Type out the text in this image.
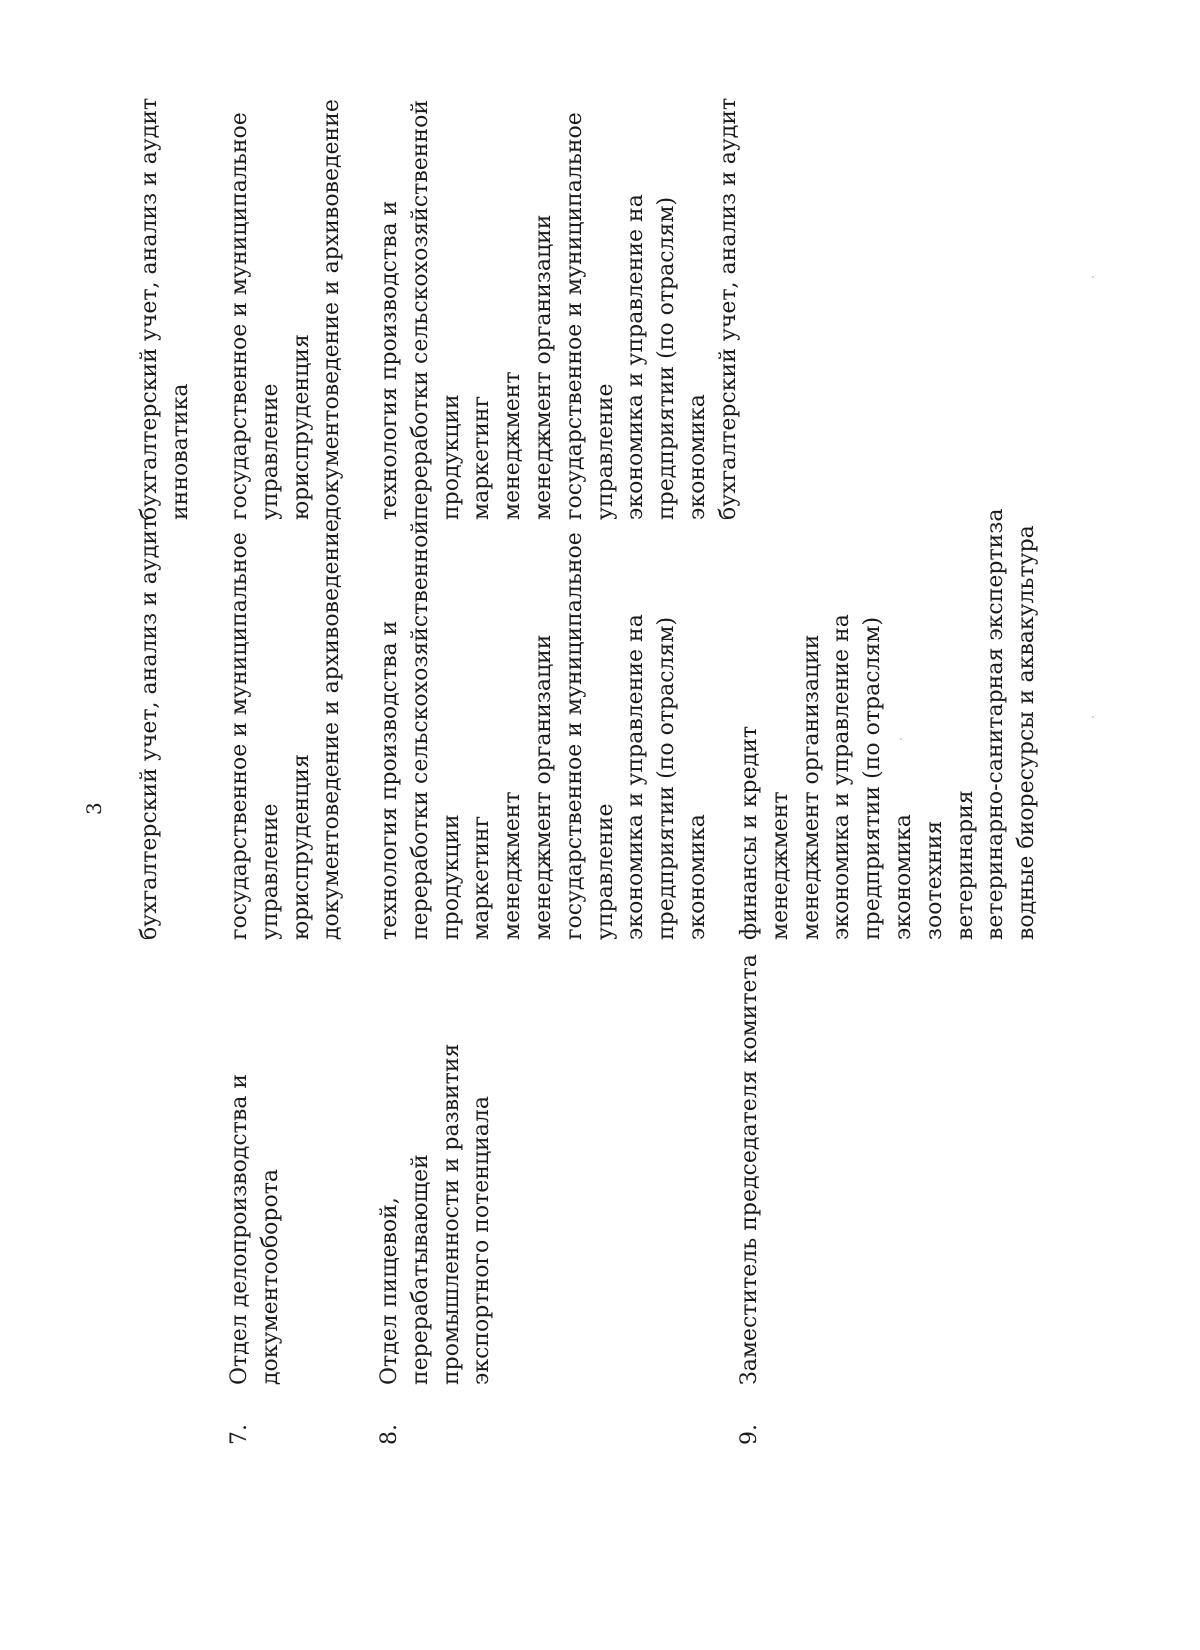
3 бухгалтерский учет, анализ и аудит
бухгалтерский учет, анализ и аудит инноватика
7.
Отдел делопроизводства и документооборота
государственное и муниципальное управление юриспруденция документоведение и архивоведение
государственное и муниципальное управление юриспруденция документоведение и архивоведение
8.
Отдел пищевой, перерабатывающей промышленности и развития экспортного потенциала
технология производства и переработки сельскохозяйственной продукции маркетинг менеджмент менеджмент организации государственное и муниципальное управление экономика и управление на предприятии (по отраслям) экономика
технология производства и переработки сельскохозяйственной продукции маркетинг менеджмент менеджмент организации государственное и муниципальное управление экономика и управление на предприятии (по отраслям) экономика бухгалтерский учет, анализ и аудит
9.
Заместитель председателя комитета
финансы и кредит менеджмент менеджмент организации экономика и управление на предприятии (по отраслям) экономика зоотехния ветеринария ветеринарно-санитарная экспертиза водные биоресурсы и аквакультура
